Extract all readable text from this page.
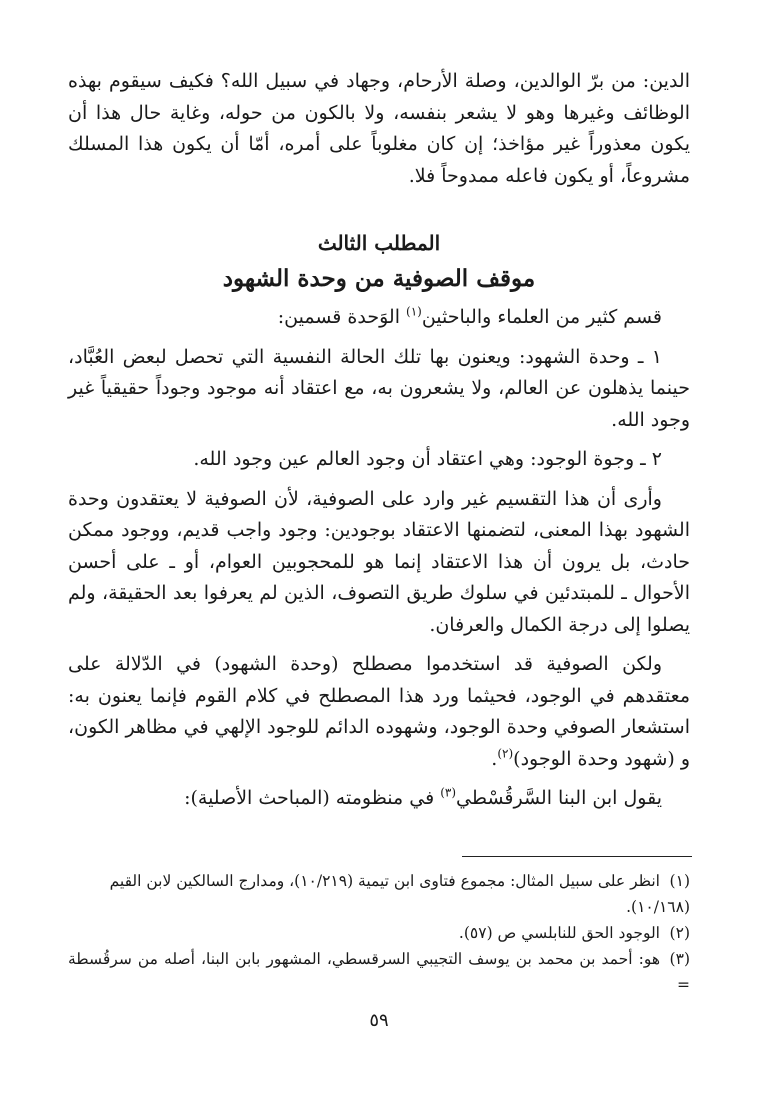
الدين: من برّ الوالدين، وصلة الأرحام، وجهاد في سبيل الله؟ فكيف سيقوم بهذه الوظائف وغيرها وهو لا يشعر بنفسه، ولا بالكون من حوله، وغاية حال هذا أن يكون معذوراً غير مؤاخذ؛ إن كان مغلوباً على أمره، أمّا أن يكون هذا المسلك مشروعاً، أو يكون فاعله ممدوحاً فلا.

المطلب الثالث
موقف الصوفية من وحدة الشهود

قسم كثير من العلماء والباحثين$^{(١)}$ الوَحدة قسمين:

١ ـ وحدة الشهود: ويعنون بها تلك الحالة النفسية التي تحصل لبعض العُبَّاد، حينما يذهلون عن العالم، ولا يشعرون به، مع اعتقاد أنه موجود وجوداً حقيقياً غير وجود الله.

٢ ـ وجوة الوجود: وهي اعتقاد أن وجود العالم عين وجود الله.

وأرى أن هذا التقسيم غير وارد على الصوفية، لأن الصوفية لا يعتقدون وحدة الشهود بهذا المعنى، لتضمنها الاعتقاد بوجودين: وجود واجب قديم، ووجود ممكن حادث، بل يرون أن هذا الاعتقاد إنما هو للمحجوبين العوام، أو ـ على أحسن الأحوال ـ للمبتدئين في سلوك طريق التصوف، الذين لم يعرفوا بعد الحقيقة، ولم يصلوا إلى درجة الكمال والعرفان.

ولكن الصوفية قد استخدموا مصطلح (وحدة الشهود) في الدّلالة على معتقدهم في الوجود، فحيثما ورد هذا المصطلح في كلام القوم فإنما يعنون به: استشعار الصوفي وحدة الوجود، وشهوده الدائم للوجود الإلهي في مظاهر الكون، و (شهود وحدة الوجود)$^{(٢)}$.

يقول ابن البنا السَّرقُسْطي$^{(٣)}$ في منظومته (المباحث الأصلية):

(١)انظر على سبيل المثال: مجموع فتاوى ابن تيمية (١٠/٢١٩)، ومدارج السالكين لابن القيم

(١٠/١٦٨).

(٢)الوجود الحق للنابلسي ص (٥٧).

(٣)هو: أحمد بن محمد بن يوسف التجيبي السرقسطي، المشهور بابن البنا، أصله من سرقُسطة =

٥٩
